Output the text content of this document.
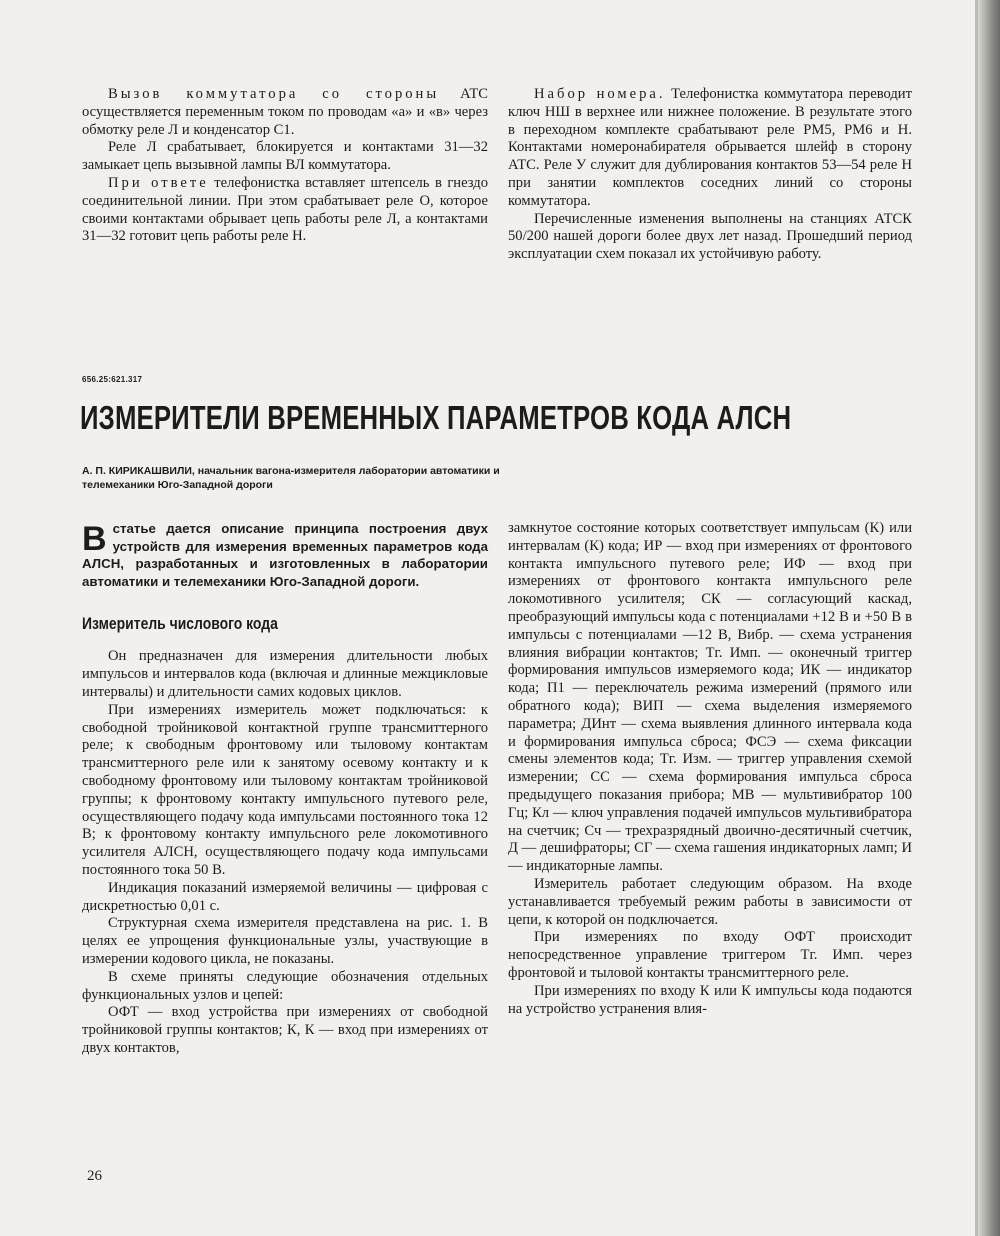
Вызов коммутатора со стороны АТС осуществляется переменным током по проводам «а» и «в» через обмотку реле Л и конденсатор С1.

Реле Л срабатывает, блокируется и контактами 31—32 замыкает цепь вызывной лампы ВЛ коммутатора.

При ответе телефонистка вставляет штепсель в гнездо соединительной линии. При этом срабатывает реле О, которое своими контактами обрывает цепь работы реле Л, а контактами 31—32 готовит цепь работы реле Н.

Набор номера. Телефонистка коммутатора переводит ключ НШ в верхнее или нижнее положение. В результате этого в переходном комплекте срабатывают реле РМ5, РМ6 и Н. Контактами номеронабирателя обрывается шлейф в сторону АТС. Реле У служит для дублирования контактов 53—54 реле Н при занятии комплектов соседних линий со стороны коммутатора.

Перечисленные изменения выполнены на станциях АТСК 50/200 нашей дороги более двух лет назад. Прошедший период эксплуатации схем показал их устойчивую работу.

656.25:621.317
ИЗМЕРИТЕЛИ ВРЕМЕННЫХ ПАРАМЕТРОВ КОДА АЛСН
А. П. КИРИКАШВИЛИ, начальник вагона-измерителя лаборатории автоматики и телемеханики Юго-Западной дороги
В статье дается описание принципа построения двух устройств для измерения временных параметров кода АЛСН, разработанных и изготовленных в лаборатории автоматики и телемеханики Юго-Западной дороги.

Измеритель числового кода

Он предназначен для измерения длительности любых импульсов и интервалов кода (включая и длинные межцикловые интервалы) и длительности самих кодовых циклов.

При измерениях измеритель может подключаться: к свободной тройниковой контактной группе трансмиттерного реле; к свободным фронтовому или тыловому контактам трансмиттерного реле или к занятому осевому контакту и к свободному фронтовому или тыловому контактам тройниковой группы; к фронтовому контакту импульсного путевого реле, осуществляющего подачу кода импульсами постоянного тока 12 В; к фронтовому контакту импульсного реле локомотивного усилителя АЛСН, осуществляющего подачу кода импульсами постоянного тока 50 В.

Индикация показаний измеряемой величины — цифровая с дискретностью 0,01 с.

Структурная схема измерителя представлена на рис. 1. В целях ее упрощения функциональные узлы, участвующие в измерении кодового цикла, не показаны.

В схеме приняты следующие обозначения отдельных функциональных узлов и цепей:

ОФТ — вход устройства при измерениях от свободной тройниковой группы контактов; К, К — вход при измерениях от двух контактов,

замкнутое состояние которых соответствует импульсам (К) или интервалам (К) кода; ИР — вход при измерениях от фронтового контакта импульсного путевого реле; ИФ — вход при измерениях от фронтового контакта импульсного реле локомотивного усилителя; СК — согласующий каскад, преобразующий импульсы кода с потенциалами +12 В и +50 В в импульсы с потенциалами —12 В, Вибр. — схема устранения влияния вибрации контактов; Тг. Имп. — оконечный триггер формирования импульсов измеряемого кода; ИК — индикатор кода; П1 — переключатель режима измерений (прямого или обратного кода); ВИП — схема выделения измеряемого параметра; ДИнт — схема выявления длинного интервала кода и формирования импульса сброса; ФСЭ — схема фиксации смены элементов кода; Тг. Изм. — триггер управления схемой измерении; СС — схема формирования импульса сброса предыдущего показания прибора; МВ — мультивибратор 100 Гц; Кл — ключ управления подачей импульсов мультивибратора на счетчик; Сч — трехразрядный двоично-десятичный счетчик, Д — дешифраторы; СГ — схема гашения индикаторных ламп; И — индикаторные лампы.

Измеритель работает следующим образом. На входе устанавливается требуемый режим работы в зависимости от цепи, к которой он подключается.

При измерениях по входу ОФТ происходит непосредственное управление триггером Тг. Имп. через фронтовой и тыловой контакты трансмиттерного реле.

При измерениях по входу К или К импульсы кода подаются на устройство устранения влия-

26
